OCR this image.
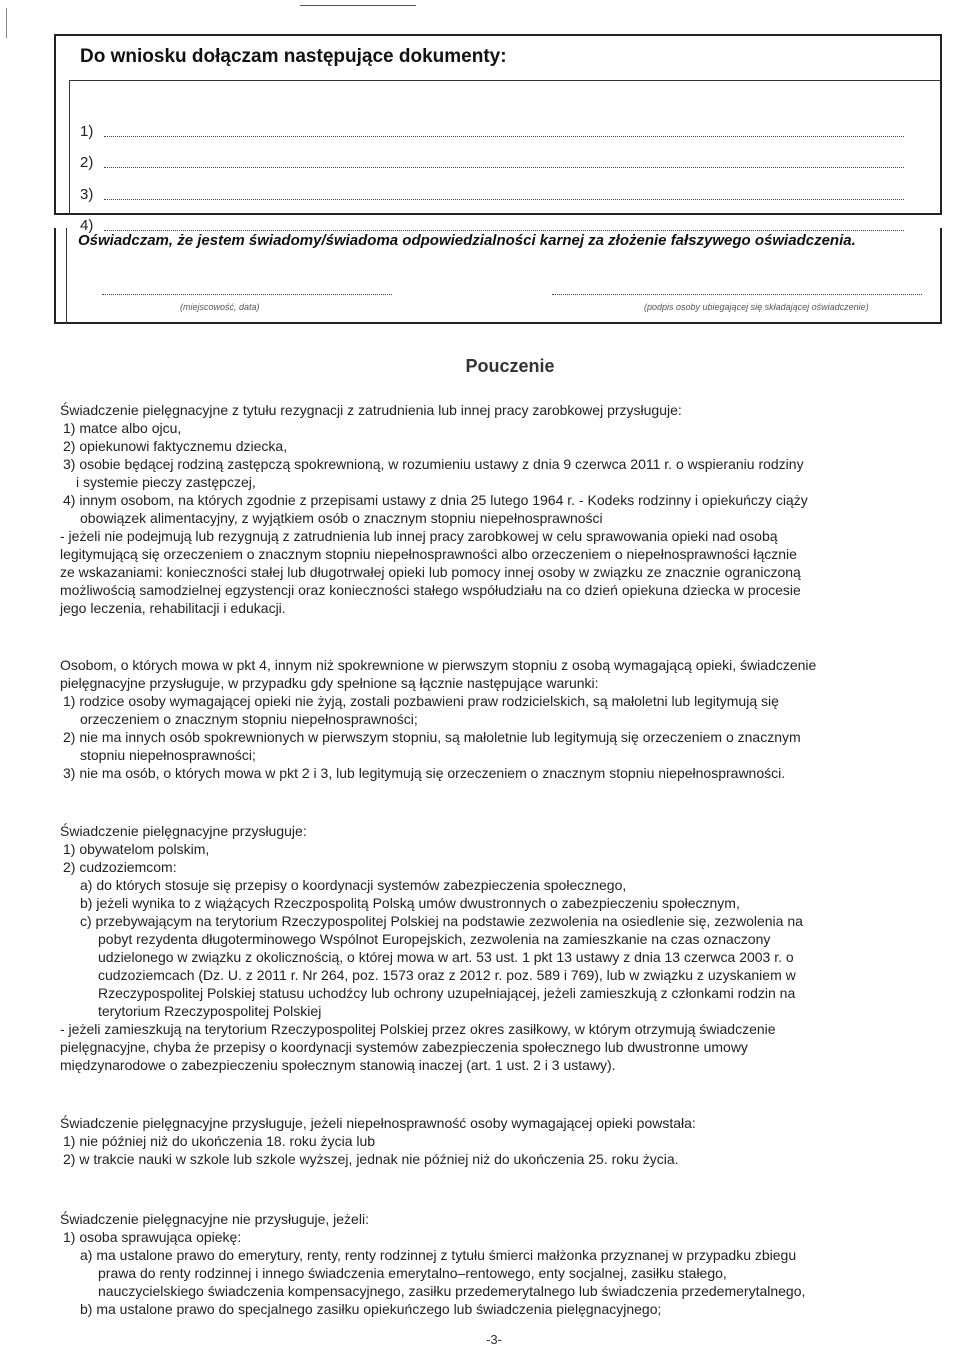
Do wniosku dołączam następujące dokumenty:
1)
2)
3)
4)

Oświadczam, że jestem świadomy/świadoma odpowiedzialności karnej za złożenie fałszywego oświadczenia.

(miejscowość, data)	(podpis osoby ubiegającej się składającej oświadczenie)
Pouczenie
Świadczenie pielęgnacyjne z tytułu rezygnacji z zatrudnienia lub innej pracy zarobkowej przysługuje:
1) matce albo ojcu,
2) opiekunowi faktycznemu dziecka,
3) osobie będącej rodziną zastępczą spokrewnioną, w rozumieniu ustawy z dnia 9 czerwca 2011 r. o wspieraniu rodziny
i systemie pieczy zastępczej,
4) innym osobom, na których zgodnie z przepisami ustawy z dnia 25 lutego 1964 r. - Kodeks rodzinny i opiekuńczy ciąży
obowiązek alimentacyjny, z wyjątkiem osób o znacznym stopniu niepełnosprawności
- jeżeli nie podejmują lub rezygnują z zatrudnienia lub innej pracy zarobkowej w celu sprawowania opieki nad osobą
legitymującą się orzeczeniem o znacznym stopniu niepełnosprawności albo orzeczeniem o niepełnosprawności łącznie
ze wskazaniami: konieczności stałej lub długotrwałej opieki lub pomocy innej osoby w związku ze znacznie ograniczoną
możliwością samodzielnej egzystencji oraz konieczności stałego współudziału na co dzień opiekuna dziecka w procesie
jego leczenia, rehabilitacji i edukacji.
Osobom, o których mowa w pkt 4, innym niż spokrewnione w pierwszym stopniu z osobą wymagającą opieki, świadczenie
pielęgnacyjne przysługuje, w przypadku gdy spełnione są łącznie następujące warunki:
1) rodzice osoby wymagającej opieki nie żyją, zostali pozbawieni praw rodzicielskich, są małoletni lub legitymują się
orzeczeniem o znacznym stopniu niepełnosprawności;
2) nie ma innych osób spokrewnionych w pierwszym stopniu, są małoletnie lub legitymują się orzeczeniem o znacznym
stopniu niepełnosprawności;
3) nie ma osób, o których mowa w pkt 2 i 3, lub legitymują się orzeczeniem o znacznym stopniu niepełnosprawności.
Świadczenie pielęgnacyjne przysługuje:
1) obywatelom polskim,
2) cudzoziemcom:
a) do których stosuje się przepisy o koordynacji systemów zabezpieczenia społecznego,
b) jeżeli wynika to z wiążących Rzeczpospolitą Polską umów dwustronnych o zabezpieczeniu społecznym,
c) przebywającym na terytorium Rzeczypospolitej Polskiej na podstawie zezwolenia na osiedlenie się, zezwolenia na
pobyt rezydenta długoterminowego Wspólnot Europejskich, zezwolenia na zamieszkanie na czas oznaczony
udzielonego w związku z okolicznością, o której mowa w art. 53 ust. 1 pkt 13 ustawy z dnia 13 czerwca 2003 r. o
cudzoziemcach (Dz. U. z 2011 r. Nr 264, poz. 1573 oraz z 2012 r. poz. 589 i 769), lub w związku z uzyskaniem w
Rzeczypospolitej Polskiej statusu uchodźcy lub ochrony uzupełniającej, jeżeli zamieszkują z członkami rodzin na
terytorium Rzeczypospolitej Polskiej
- jeżeli zamieszkują na terytorium Rzeczypospolitej Polskiej przez okres zasiłkowy, w którym otrzymują świadczenie
pielęgnacyjne, chyba że przepisy o koordynacji systemów zabezpieczenia społecznego lub dwustronne umowy
międzynarodowe o zabezpieczeniu społecznym stanowią inaczej (art. 1 ust. 2 i 3 ustawy).
Świadczenie pielęgnacyjne przysługuje, jeżeli niepełnosprawność osoby wymagającej opieki powstała:
1) nie później niż do ukończenia 18. roku życia lub
2) w trakcie nauki w szkole lub szkole wyższej, jednak nie później niż do ukończenia 25. roku życia.
Świadczenie pielęgnacyjne nie przysługuje, jeżeli:
1) osoba sprawująca opiekę:
a) ma ustalone prawo do emerytury, renty, renty rodzinnej z tytułu śmierci małżonka przyznanej w przypadku zbiegu
prawa do renty rodzinnej i innego świadczenia emerytalno–rentowego, enty socjalnej, zasiłku stałego,
nauczycielskiego świadczenia kompensacyjnego, zasiłku przedemerytalnego lub świadczenia przedemerytalnego,
b) ma ustalone prawo do specjalnego zasiłku opiekuńczego lub świadczenia pielęgnacyjnego;
-3-
